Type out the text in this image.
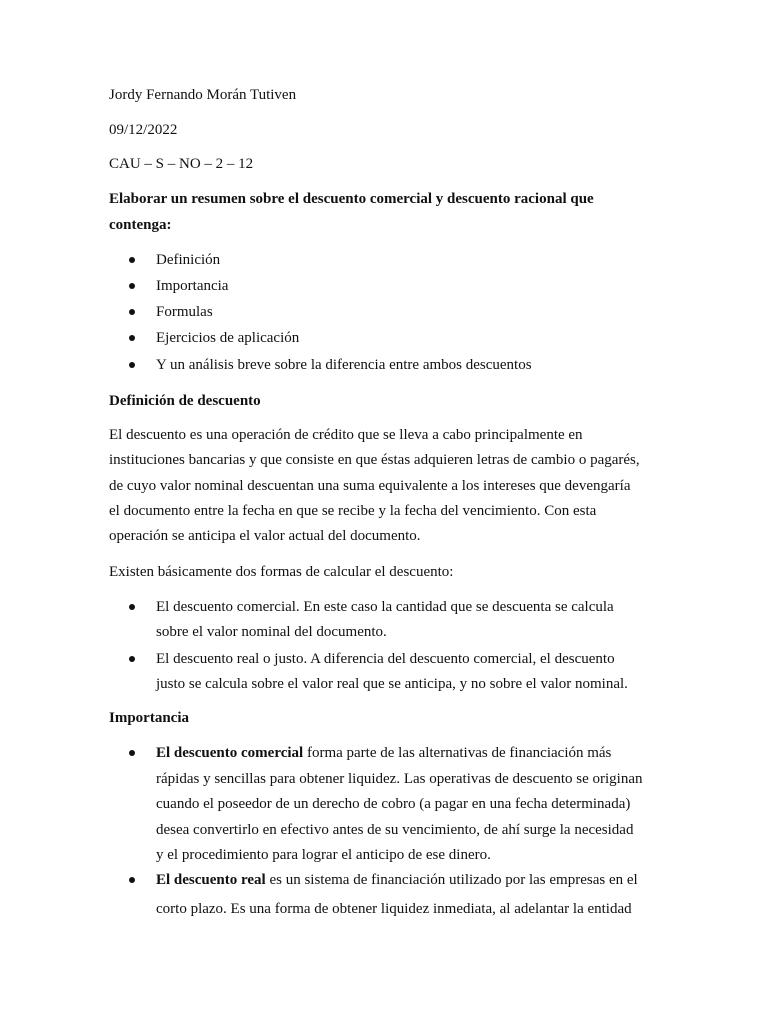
Jordy Fernando Morán Tutiven

09/12/2022

CAU – S – NO – 2 – 12

Elaborar un resumen sobre el descuento comercial y descuento racional que

contenga:

Definición

Importancia

Formulas

Ejercicios de aplicación

Y un análisis breve sobre la diferencia entre ambos descuentos

Definición de descuento

El descuento es una operación de crédito que se lleva a cabo principalmente en

instituciones bancarias y que consiste en que éstas adquieren letras de cambio o pagarés,

de cuyo valor nominal descuentan una suma equivalente a los intereses que devengaría

el documento entre la fecha en que se recibe y la fecha del vencimiento. Con esta

operación se anticipa el valor actual del documento.

Existen básicamente dos formas de calcular el descuento:

El descuento comercial. En este caso la cantidad que se descuenta se calcula

sobre el valor nominal del documento.

El descuento real o justo. A diferencia del descuento comercial, el descuento

justo se calcula sobre el valor real que se anticipa, y no sobre el valor nominal.

Importancia

El descuento comercial forma parte de las alternativas de financiación más

rápidas y sencillas para obtener liquidez. Las operativas de descuento se originan

cuando el poseedor de un derecho de cobro (a pagar en una fecha determinada)

desea convertirlo en efectivo antes de su vencimiento, de ahí surge la necesidad

y el procedimiento para lograr el anticipo de ese dinero.

El descuento real es un sistema de financiación utilizado por las empresas en el

corto plazo. Es una forma de obtener liquidez inmediata, al adelantar la entidad
